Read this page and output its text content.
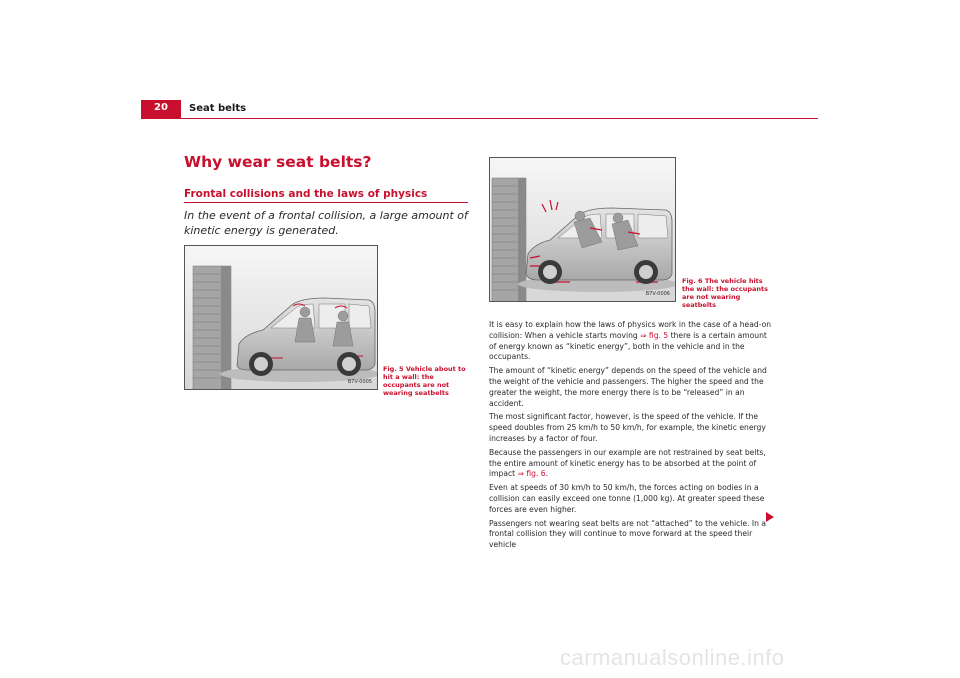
20	Seat belts
Why wear seat belts?
Frontal collisions and the laws of physics
In the event of a frontal collision, a large amount of kinetic energy is generated.
B7V-0005
Fig. 5 Vehicle about to hit a wall: the occupants are not wearing seatbelts
B7V-0006
Fig. 6 The vehicle hits the wall: the occupants are not wearing seatbelts

It is easy to explain how the laws of physics work in the case of a head-on collision: When a vehicle starts moving ⇒ fig. 5 there is a certain amount of energy known as “kinetic energy”, both in the vehicle and in the occupants.

The amount of “kinetic energy” depends on the speed of the vehicle and the weight of the vehicle and passengers. The higher the speed and the greater the weight, the more energy there is to be “released” in an accident.

The most significant factor, however, is the speed of the vehicle. If the speed doubles from 25 km/h to 50 km/h, for example, the kinetic energy increases by a factor of four.

Because the passengers in our example are not restrained by seat belts, the entire amount of kinetic energy has to be absorbed at the point of impact ⇒ fig. 6.

Even at speeds of 30 km/h to 50 km/h, the forces acting on bodies in a collision can easily exceed one tonne (1,000 kg). At greater speed these forces are even higher.

Passengers not wearing seat belts are not “attached” to the vehicle. In a frontal collision they will continue to move forward at the speed their vehicle

carmanualsonline.info
